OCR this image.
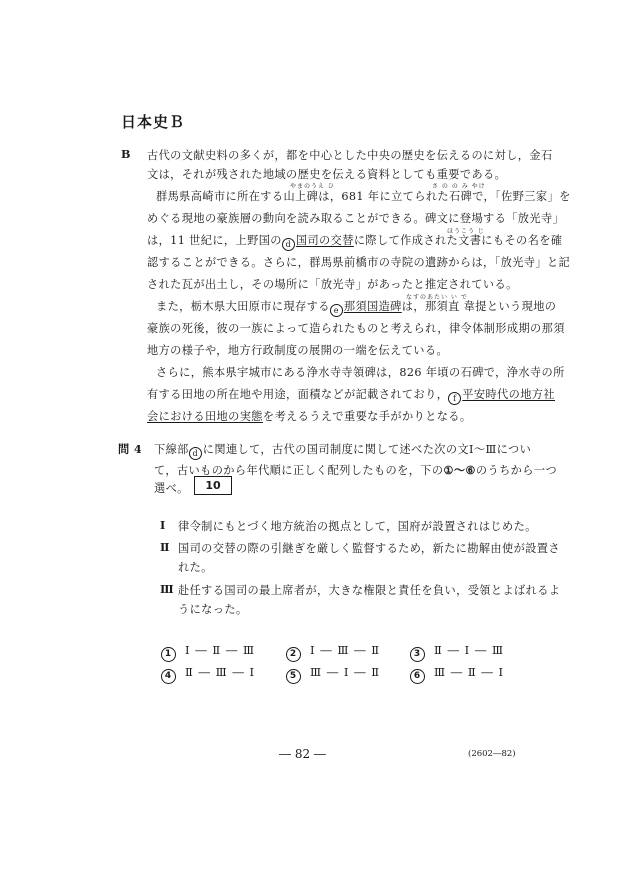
日本史Ｂ
B 古代の文献史料の多くが，都を中心とした中央の歴史を伝えるのに対し，金石
文は，それが残された地域の歴史を伝える資料としても重要である。
やまのうえ ひ	さ の の み やけ
群馬県高崎市に所在する山上碑は，681 年に立てられた石碑で，「佐野三家」を
めぐる現地の豪族層の動向を読み取ることができる。碑文に登場する「放光寺」
ほうこう じ
は，11 世紀に，上野国の d 国司の交替に際して作成された文書にもその名を確
認することができる。さらに，群馬県前橋市の寺院の遺跡からは，「放光寺」と記
された瓦が出土し，その場所に「放光寺」があったと推定されている。
なすのあたい い で
また，栃木県大田原市に現存する e 那須国造碑は，那須直 韋提という現地の
豪族の死後，彼の一族によって造られたものと考えられ，律令体制形成期の那須
地方の様子や，地方行政制度の展開の一端を伝えている。
さらに，熊本県宇城市にある浄水寺寺領碑は，826 年頃の石碑で，浄水寺の所
有する田地の所在地や用途，面積などが記載されており， f 平安時代の地方社
会における田地の実態を考えるうえで重要な手がかりとなる。
問 4 下線部 d に関連して，古代の国司制度に関して述べた次の文Ⅰ～Ⅲについ
て，古いものから年代順に正しく配列したものを，下の①～⑥のうちから一つ
選べ。	10
Ⅰ 律令制にもとづく地方統治の拠点として，国府が設置されはじめた。
Ⅱ 国司の交替の際の引継ぎを厳しく監督するため，新たに勘解由使が設置さ
れた。
Ⅲ 赴任する国司の最上席者が，大きな権限と責任を負い，受領とよばれるよ
うになった。
1 Ⅰ ― Ⅱ ― Ⅲ	2 Ⅰ ― Ⅲ ― Ⅱ	3 Ⅱ ― Ⅰ ― Ⅲ
4 Ⅱ ― Ⅲ ― Ⅰ	5 Ⅲ ― Ⅰ ― Ⅱ	6 Ⅲ ― Ⅱ ― Ⅰ
― 82 ―	(2602―82)
